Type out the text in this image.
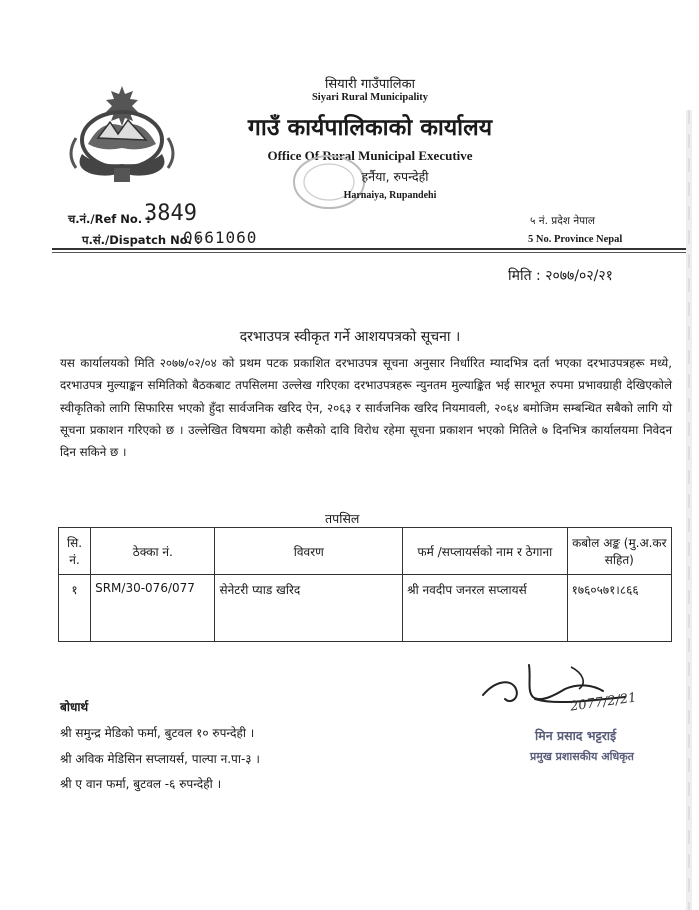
सियारी गाउँपालिका
Siyari Rural Municipality
गाउँ कार्यपालिकाको कार्यालय
Office Of Rural Municipal Executive
हर्नैया, रुपन्देही
Harnaiya, Rupandehi
च.नं./Ref No. :
3849
प.सं./Dispatch No. :
0661060
५ नं. प्रदेश नेपाल
5 No. Province Nepal
मिति : २०७७/०२/२१
दरभाउपत्र स्वीकृत गर्ने आशयपत्रको सूचना ।
यस कार्यालयको मिति २०७७/०२/०४ को प्रथम पटक प्रकाशित दरभाउपत्र सूचना अनुसार निर्धारित म्यादभित्र दर्ता भएका दरभाउपत्रहरू मध्ये, दरभाउपत्र मुल्याङ्कन समितिको बैठकबाट तपसिलमा उल्लेख गरिएका दरभाउपत्रहरू न्युनतम मुल्याङ्कित भई सारभूत रुपमा प्रभावग्राही देखिएकोले स्वीकृतिको लागि सिफारिस भएको हुँदा सार्वजनिक खरिद ऐन, २०६३ र सार्वजनिक खरिद नियमावली, २०६४ बमोजिम सम्बन्धित सबैको लागि यो सूचना प्रकाशन गरिएको छ । उल्लेखित विषयमा कोही कसैको दावि विरोध रहेमा सूचना प्रकाशन भएको मितिले ७ दिनभित्र कार्यालयमा निवेदन दिन सकिने छ ।
तपसिल
सि. नं.	ठेक्का नं.	विवरण	फर्म /सप्लायर्सको नाम र ठेगाना	कबोल अङ्क (मु.अ.कर सहित)
१	SRM/30-076/077	सेनेटरी प्याड खरिद	श्री नवदीप जनरल सप्लायर्स	१७६०५७१।८६६
बोधार्थ
श्री समुन्द्र मेडिको फर्मा, बुटवल १० रुपन्देही ।
श्री अविक मेडिसिन सप्लायर्स, पाल्पा न.पा-३ ।
श्री ए वान फर्मा, बुटवल -६ रुपन्देही ।
2077/2/21
मिन प्रसाद भट्टराई
प्रमुख प्रशासकीय अधिकृत
